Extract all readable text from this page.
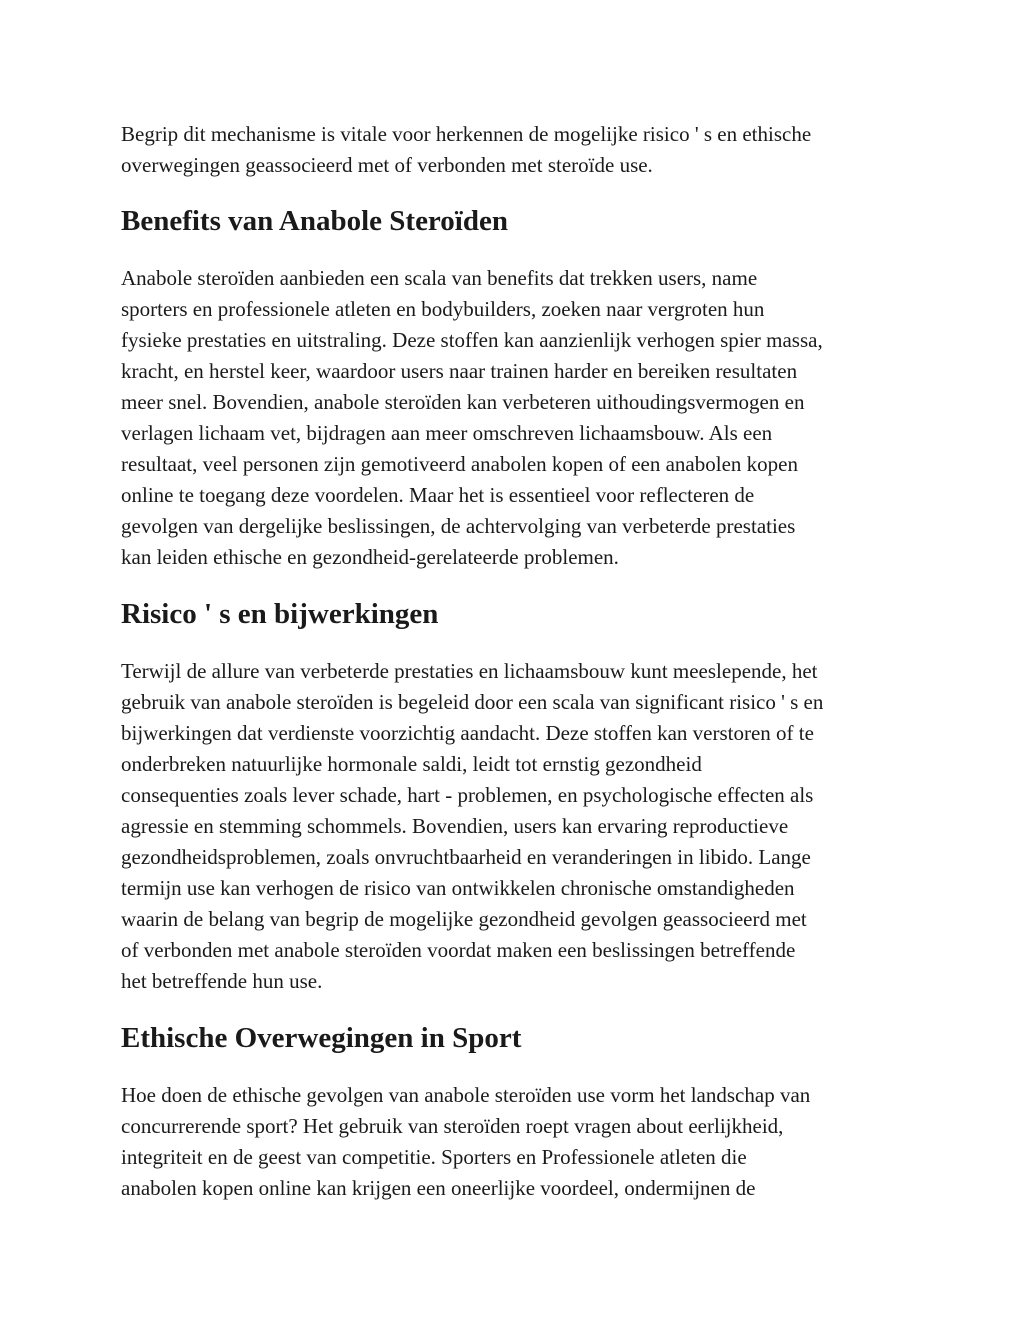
Begrip dit mechanisme is vitale voor herkennen de mogelijke risico ' s en ethische
overwegingen geassocieerd met of verbonden met steroïde use.

Benefits van Anabole Steroïden

Anabole steroïden aanbieden een scala van benefits dat trekken users, name
sporters en professionele atleten en bodybuilders, zoeken naar vergroten hun
fysieke prestaties en uitstraling. Deze stoffen kan aanzienlijk verhogen spier massa,
kracht, en herstel keer, waardoor users naar trainen harder en bereiken resultaten
meer snel. Bovendien, anabole steroïden kan verbeteren uithoudingsvermogen en
verlagen lichaam vet, bijdragen aan meer omschreven lichaamsbouw. Als een
resultaat, veel personen zijn gemotiveerd anabolen kopen of een anabolen kopen
online te toegang deze voordelen. Maar het is essentieel voor reflecteren de
gevolgen van dergelijke beslissingen, de achtervolging van verbeterde prestaties
kan leiden ethische en gezondheid-gerelateerde problemen.

Risico ' s en bijwerkingen

Terwijl de allure van verbeterde prestaties en lichaamsbouw kunt meeslepende, het
gebruik van anabole steroïden is begeleid door een scala van significant risico ' s en
bijwerkingen dat verdienste voorzichtig aandacht. Deze stoffen kan verstoren of te
onderbreken natuurlijke hormonale saldi, leidt tot ernstig gezondheid
consequenties zoals lever schade, hart - problemen, en psychologische effecten als
agressie en stemming schommels. Bovendien, users kan ervaring reproductieve
gezondheidsproblemen, zoals onvruchtbaarheid en veranderingen in libido. Lange
termijn use kan verhogen de risico van ontwikkelen chronische omstandigheden
waarin de belang van begrip de mogelijke gezondheid gevolgen geassocieerd met
of verbonden met anabole steroïden voordat maken een beslissingen betreffende
het betreffende hun use.

Ethische Overwegingen in Sport

Hoe doen de ethische gevolgen van anabole steroïden use vorm het landschap van
concurrerende sport? Het gebruik van steroïden roept vragen about eerlijkheid,
integriteit en de geest van competitie. Sporters en Professionele atleten die
anabolen kopen online kan krijgen een oneerlijke voordeel, ondermijnen de
